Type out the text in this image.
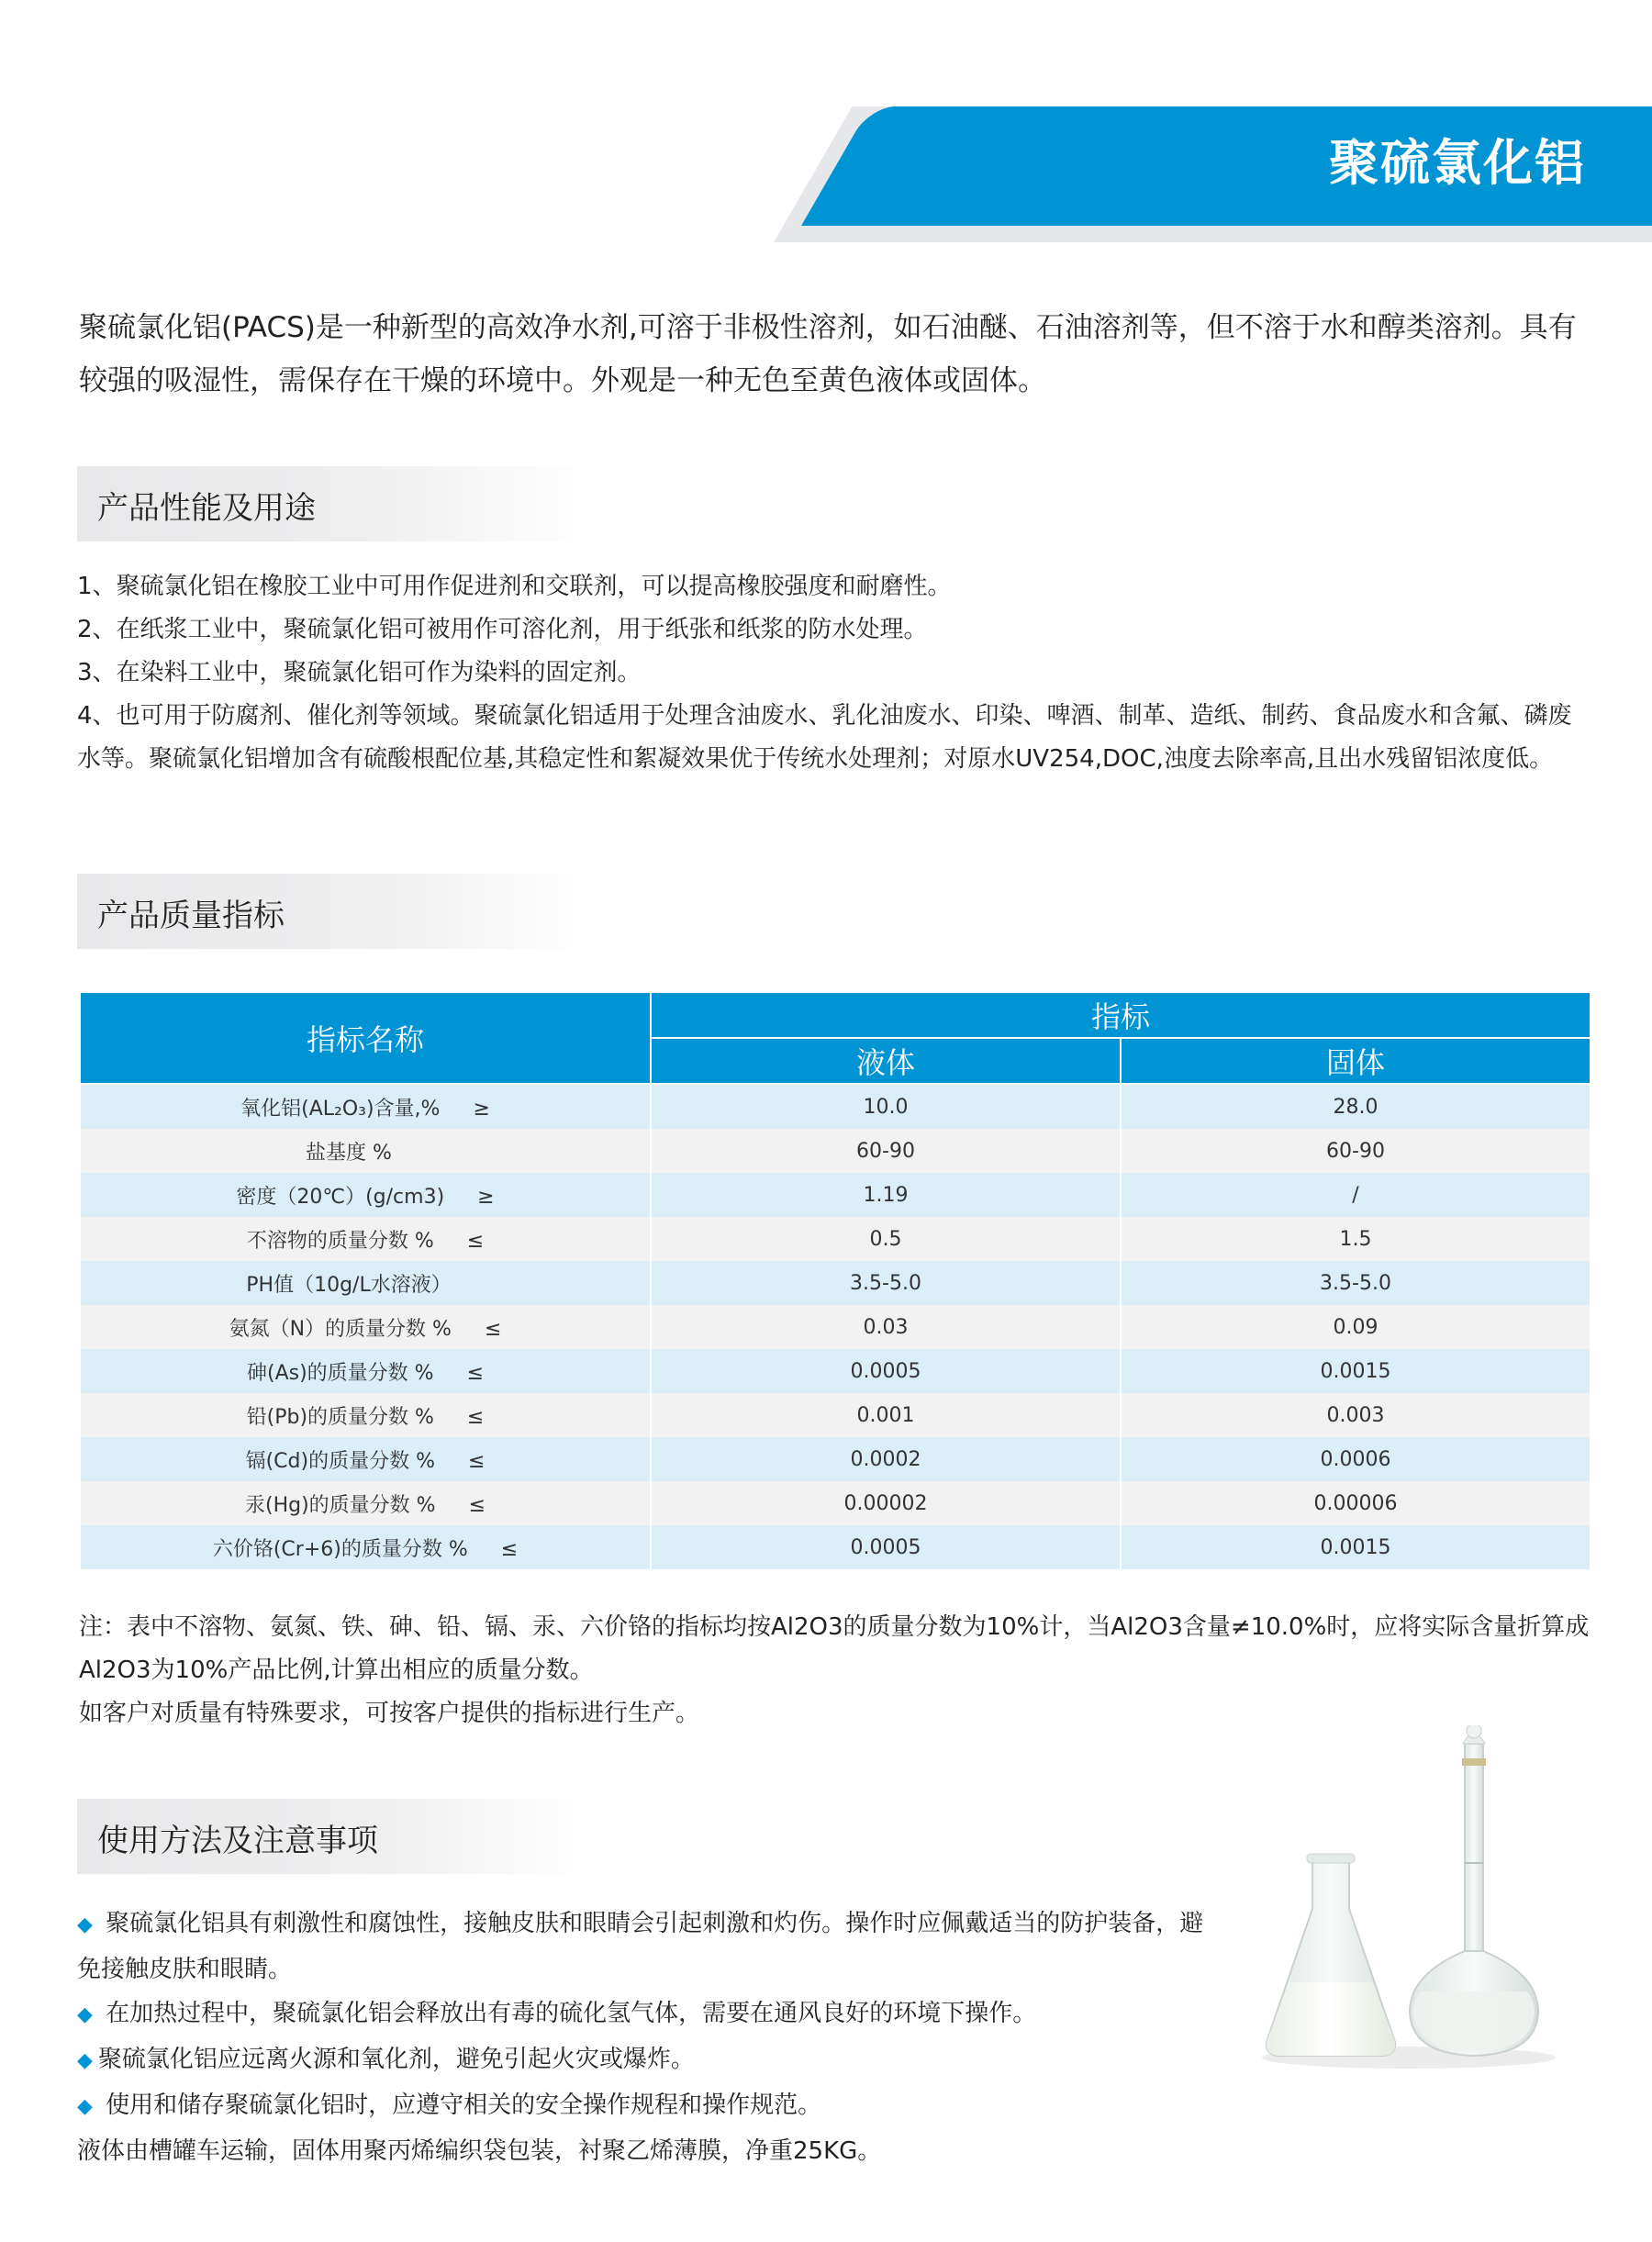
聚硫氯化铝
聚硫氯化铝(PACS)是一种新型的高效净水剂,可溶于非极性溶剂，如石油醚、石油溶剂等，但不溶于水和醇类溶剂。具有较强的吸湿性，需保存在干燥的环境中。外观是一种无色至黄色液体或固体。
产品性能及用途

1、聚硫氯化铝在橡胶工业中可用作促进剂和交联剂，可以提高橡胶强度和耐磨性。

2、在纸浆工业中，聚硫氯化铝可被用作可溶化剂，用于纸张和纸浆的防水处理。

3、在染料工业中，聚硫氯化铝可作为染料的固定剂。

4、也可用于防腐剂、催化剂等领域。聚硫氯化铝适用于处理含油废水、乳化油废水、印染、啤酒、制革、造纸、制药、食品废水和含氟、磷废水等。聚硫氯化铝增加含有硫酸根配位基,其稳定性和絮凝效果优于传统水处理剂；对原水UV254,DOC,浊度去除率高,且出水残留铝浓度低。

产品质量指标
指标名称	指标	
	液体	固体
氧化铝(AL₂O₃)含量,% ≥	10.0	28.0
盐基度 %	60-90	60-90
密度（20℃）(g/cm3) ≥	1.19	/
不溶物的质量分数 % ≤	0.5	1.5
PH值（10g/L水溶液）	3.5-5.0	3.5-5.0
氨氮（N）的质量分数 % ≤	0.03	0.09
砷(As)的质量分数 % ≤	0.0005	0.0015
铅(Pb)的质量分数 % ≤	0.001	0.003
镉(Cd)的质量分数 % ≤	0.0002	0.0006
汞(Hg)的质量分数 % ≤	0.00002	0.00006
六价铬(Cr+6)的质量分数 % ≤	0.0005	0.0015

注：表中不溶物、氨氮、铁、砷、铅、镉、汞、六价铬的指标均按Al2O3的质量分数为10%计，当Al2O3含量≠10.0%时，应将实际含量折算成Al2O3为10%产品比例,计算出相应的质量分数。

如客户对质量有特殊要求，可按客户提供的指标进行生产。

使用方法及注意事项

◆ 聚硫氯化铝具有刺激性和腐蚀性，接触皮肤和眼睛会引起刺激和灼伤。操作时应佩戴适当的防护装备，避免接触皮肤和眼睛。

◆ 在加热过程中，聚硫氯化铝会释放出有毒的硫化氢气体，需要在通风良好的环境下操作。

◆ 聚硫氯化铝应远离火源和氧化剂，避免引起火灾或爆炸。

◆ 使用和储存聚硫氯化铝时，应遵守相关的安全操作规程和操作规范。

液体由槽罐车运输，固体用聚丙烯编织袋包装，衬聚乙烯薄膜，净重25KG。
